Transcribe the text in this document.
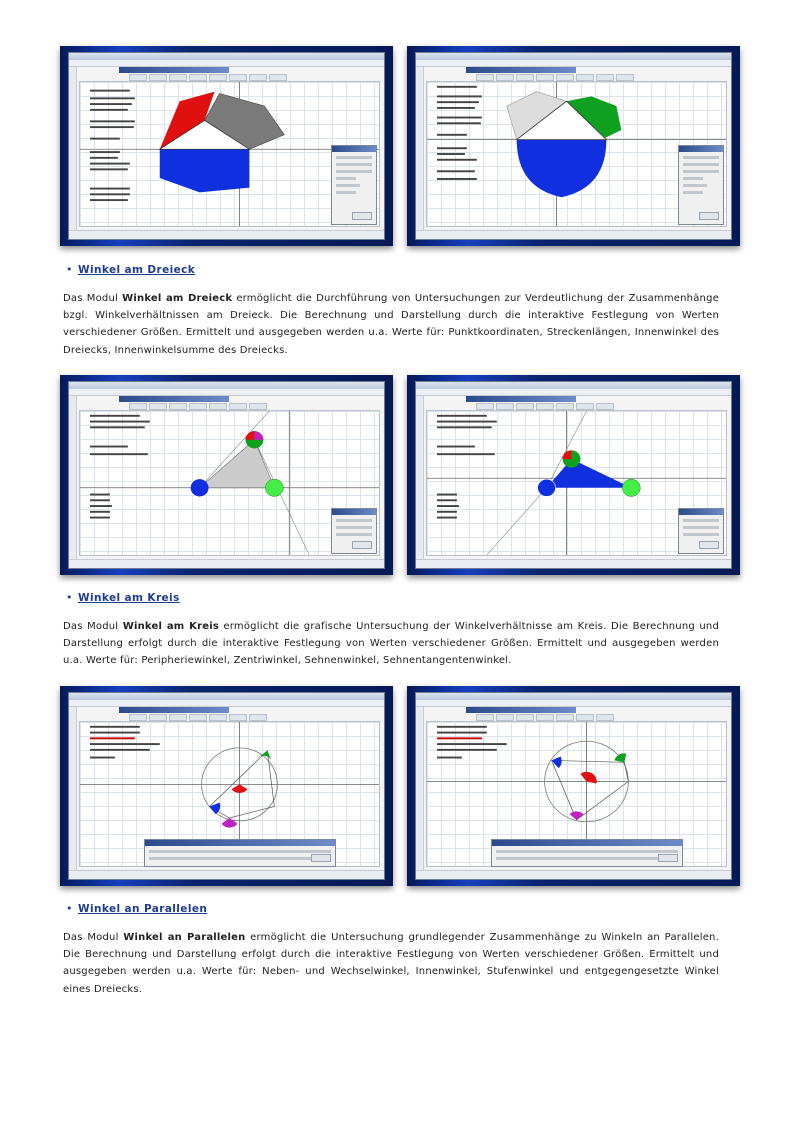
• Winkel am Dreieck
Das Modul Winkel am Dreieck ermöglicht die Durchführung von Untersuchungen zur Verdeutlichung der Zusammenhänge bzgl. Winkelverhältnissen am Dreieck. Die Berechnung und Darstellung durch die interaktive Festlegung von Werten verschiedener Größen. Ermittelt und ausgegeben werden u.a. Werte für: Punktkoordinaten, Streckenlängen, Innenwinkel des Dreiecks, Innenwinkelsumme des Dreiecks.
• Winkel am Kreis
Das Modul Winkel am Kreis ermöglicht die grafische Untersuchung der Winkelverhältnisse am Kreis. Die Berechnung und Darstellung erfolgt durch die interaktive Festlegung von Werten verschiedener Größen. Ermittelt und ausgegeben werden u.a. Werte für: Peripheriewinkel, Zentriwinkel, Sehnenwinkel, Sehnentangentenwinkel.
• Winkel an Parallelen
Das Modul Winkel an Parallelen ermöglicht die Untersuchung grundlegender Zusammenhänge zu Winkeln an Parallelen. Die Berechnung und Darstellung erfolgt durch die interaktive Festlegung von Werten verschiedener Größen. Ermittelt und ausgegeben werden u.a. Werte für: Neben- und Wechselwinkel, Innenwinkel, Stufenwinkel und entgegengesetzte Winkel eines Dreiecks.
